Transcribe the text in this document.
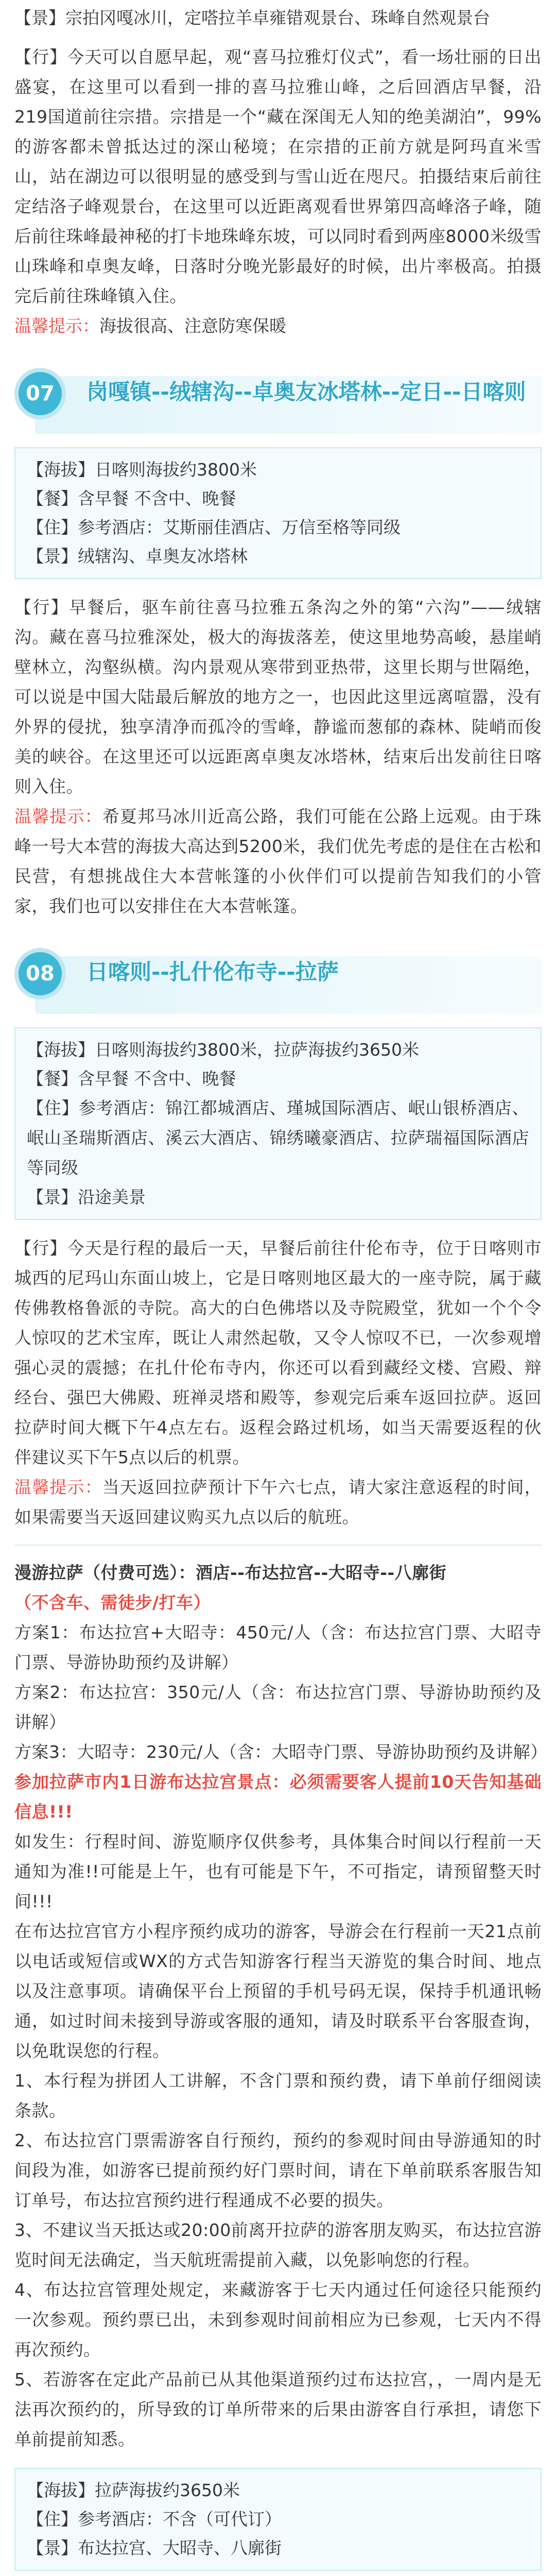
【景】宗拍冈嘎冰川，定嗒拉羊卓雍错观景台、珠峰自然观景台

【行】今天可以自愿早起，观“喜马拉雅灯仪式”，看一场壮丽的日出盛宴，在这里可以看到一排的喜马拉雅山峰，之后回酒店早餐，沿219国道前往宗措。宗措是一个“藏在深闺无人知的绝美湖泊”，99%的游客都未曾抵达过的深山秘境；在宗措的正前方就是阿玛直米雪山，站在湖边可以很明显的感受到与雪山近在咫尺。拍摄结束后前往定结洛子峰观景台，在这里可以近距离观看世界第四高峰洛子峰，随后前往珠峰最神秘的打卡地珠峰东坡，可以同时看到两座8000米级雪山珠峰和卓奥友峰，日落时分晚光影最好的时候，出片率极高。拍摄完后前往珠峰镇入住。

温馨提示：海拔很高、注意防寒保暖
07	岗嘎镇--绒辖沟--卓奥友冰塔林--定日--日喀则
【海拔】日喀则海拔约3800米
【餐】含早餐 不含中、晚餐
【住】参考酒店：艾斯丽佳酒店、万信至格等同级
【景】绒辖沟、卓奥友冰塔林

【行】早餐后，驱车前往喜马拉雅五条沟之外的第“六沟”——绒辖沟。藏在喜马拉雅深处，极大的海拔落差，使这里地势高峻，悬崖峭壁林立，沟壑纵横。沟内景观从寒带到亚热带，这里长期与世隔绝，可以说是中国大陆最后解放的地方之一，也因此这里远离喧嚣，没有外界的侵扰，独享清净而孤冷的雪峰，静谧而葱郁的森林、陡峭而俊美的峡谷。在这里还可以远距离卓奥友冰塔林，结束后出发前往日喀则入住。

温馨提示：希夏邦马冰川近高公路，我们可能在公路上远观。由于珠峰一号大本营的海拔大高达到5200米，我们优先考虑的是住在古松和民营，有想挑战住大本营帐篷的小伙伴们可以提前告知我们的小管家，我们也可以安排住在大本营帐篷。

08	日喀则--扎什伦布寺--拉萨
【海拔】日喀则海拔约3800米，拉萨海拔约3650米
【餐】含早餐 不含中、晚餐
【住】参考酒店：锦江都城酒店、瑾城国际酒店、岷山银桥酒店、岷山圣瑞斯酒店、溪云大酒店、锦绣曦豪酒店、拉萨瑞福国际酒店等同级
【景】沿途美景

【行】今天是行程的最后一天，早餐后前往什伦布寺，位于日喀则市城西的尼玛山东面山坡上，它是日喀则地区最大的一座寺院，属于藏传佛教格鲁派的寺院。高大的白色佛塔以及寺院殿堂，犹如一个个令人惊叹的艺术宝库，既让人肃然起敬，又令人惊叹不已，一次参观增强心灵的震撼；在扎什伦布寺内，你还可以看到藏经文楼、宫殿、辩经台、强巴大佛殿、班禅灵塔和殿等，参观完后乘车返回拉萨。返回拉萨时间大概下午4点左右。返程会路过机场，如当天需要返程的伙伴建议买下午5点以后的机票。

温馨提示：当天返回拉萨预计下午六七点，请大家注意返程的时间，如果需要当天返回建议购买九点以后的航班。

漫游拉萨（付费可选）：酒店--布达拉宫--大昭寺--八廓街

（不含车、需徒步/打车）

方案1：布达拉宫+大昭寺：450元/人（含：布达拉宫门票、大昭寺门票、导游协助预约及讲解）

方案2：布达拉宫：350元/人（含：布达拉宫门票、导游协助预约及讲解）

方案3：大昭寺：230元/人（含：大昭寺门票、导游协助预约及讲解）

参加拉萨市内1日游布达拉宫景点：必须需要客人提前10天告知基础信息!!!

如发生：行程时间、游览顺序仅供参考，具体集合时间以行程前一天通知为准!!可能是上午，也有可能是下午，不可指定，请预留整天时间!!!

在布达拉宫官方小程序预约成功的游客，导游会在行程前一天21点前以电话或短信或WX的方式告知游客行程当天游览的集合时间、地点以及注意事项。请确保平台上预留的手机号码无误，保持手机通讯畅通，如过时间未接到导游或客服的通知，请及时联系平台客服查询，以免耽误您的行程。

1、本行程为拼团人工讲解，不含门票和预约费，请下单前仔细阅读条款。

2、布达拉宫门票需游客自行预约，预约的参观时间由导游通知的时间段为准，如游客已提前预约好门票时间，请在下单前联系客服告知订单号，布达拉宫预约进行程通成不必要的损失。

3、不建议当天抵达或20:00前离开拉萨的游客朋友购买，布达拉宫游览时间无法确定，当天航班需提前入藏，以免影响您的行程。

4、布达拉宫管理处规定，来藏游客于七天内通过任何途径只能预约一次参观。预约票已出，未到参观时间前相应为已参观，七天内不得再次预约。

5、若游客在定此产品前已从其他渠道预约过布达拉宫，，一周内是无法再次预约的，所导致的订单所带来的后果由游客自行承担，请您下单前提前知悉。

【海拔】拉萨海拔约3650米
【住】参考酒店：不含（可代订）
【景】布达拉宫、大昭寺、八廓街
